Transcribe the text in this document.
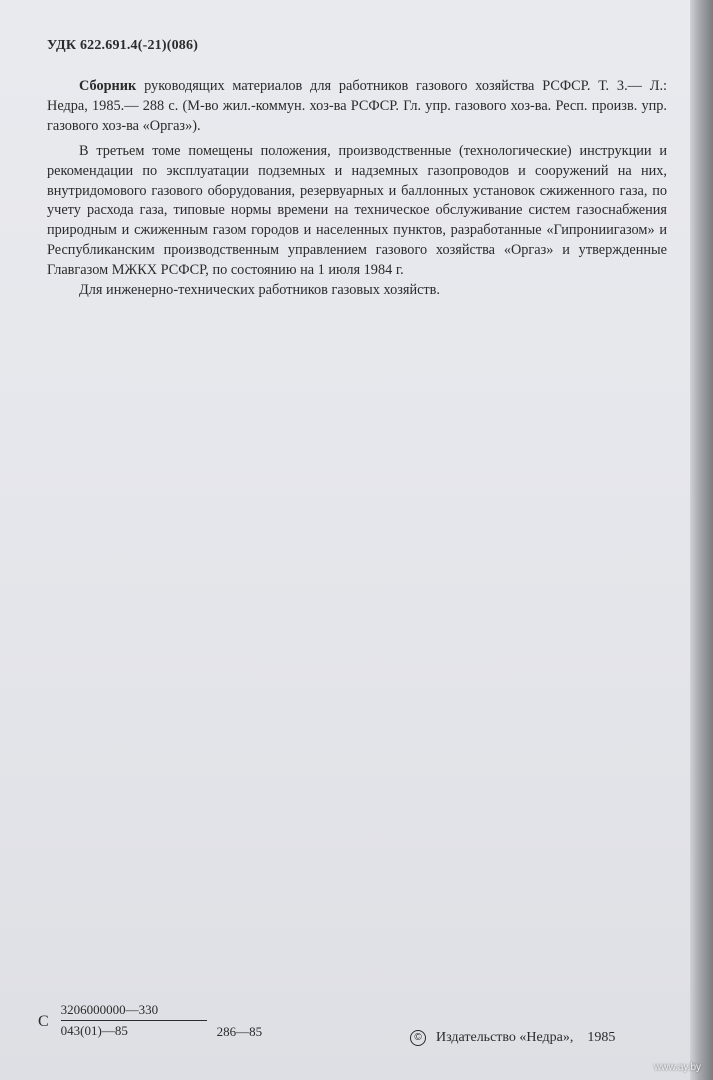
УДК 622.691.4(-21)(086)

Сборник руководящих материалов для работников газового хозяйства РСФСР. Т. 3.— Л.: Недра, 1985.— 288 с. (М-во жил.-коммун. хоз-ва РСФСР. Гл. упр. газового хоз-ва. Респ. произв. упр. газового хоз-ва «Оргаз»).

В третьем томе помещены положения, производственные (технологические) инструкции и рекомендации по эксплуатации подземных и надземных газопроводов и сооружений на них, внутридомового газового оборудования, резервуарных и баллонных установок сжиженного газа, по учету расхода газа, типовые нормы времени на техническое обслуживание систем газоснабжения природным и сжиженным газом городов и населенных пунктов, разработанные «Гипрониигазом» и Республиканским производственным управлением газового хозяйства «Оргаз» и утвержденные Главгазом МЖКХ РСФСР, по состоянию на 1 июля 1984 г.

Для инженерно-технических работников газовых хозяйств.

С $\frac{3206000000—330}{043(01)—85}$ 286—85	©	Издательство «Недра», 1985
www.ay.by
